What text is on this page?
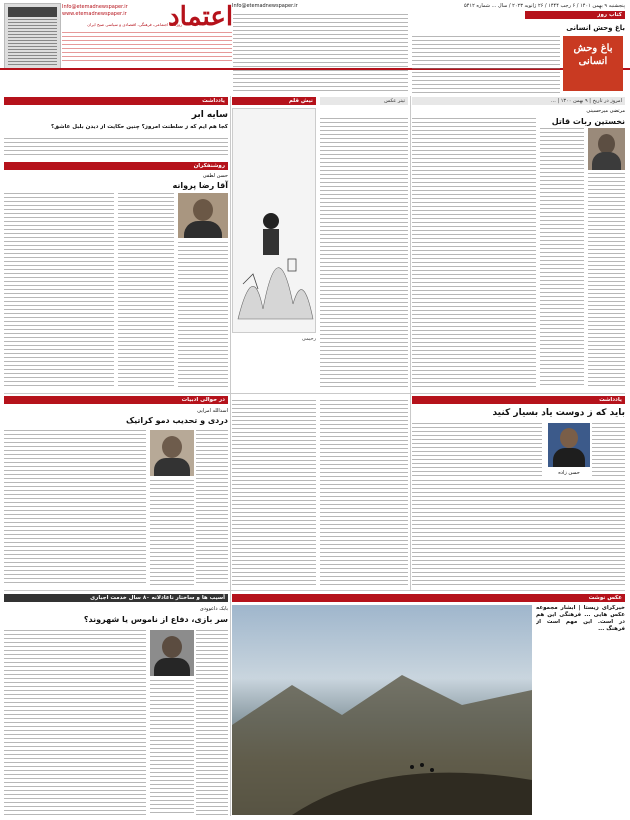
Info@etemadnewspaper.ir
www.etemadnewspaper.ir
روزنامه اجتماعی، فرهنگی، اقتصادی و سیاسی صبح ایران
اعتماد	پنجشنبه ۹ بهمن ۱۴۰۱ / ۶ رجب ۱۴۴۴ / ۲۶ ژانویه ۲۰۲۳ / سال ... شماره ۵۴۱۲
Info@etemadnewspaper.ir
کتاب روز
باغ وحش انسانی
باغ وحش انسانی
امروز در تاریخ | ۹ بهمن ۱۳۰۰ | ...
مرتضی میرحسینی
نخستین ربات قاتل
تیتر عکس
نیش قلم
رحیمی
یادداشت
سایه ابر
کجا هم ایم که ز سلطنت امروز؟ چنین حکایت از دیدن بلبل عاشق؟
روشنفکران
حسن لطفی
آقا رضا پروانه
یادداشت
باید که ز دوست یاد بسیار کنید
حسن زاده
در حوالی ادبیات
اسدالله امرایی
دردی و تحدیب دمو کراتیک
عکس نوشت
خیرگرای زیستا | آبشار مجموعه عکس هایی ... فرهنگی این هم در است. این مهم است از فرهنگ ...
آسیب ها و ساختار ناعادلانه ۸۰ سال خدمت اجباری
بابک داعوودی
سر بازی، دفاع از ناموس یا شهروند؟
